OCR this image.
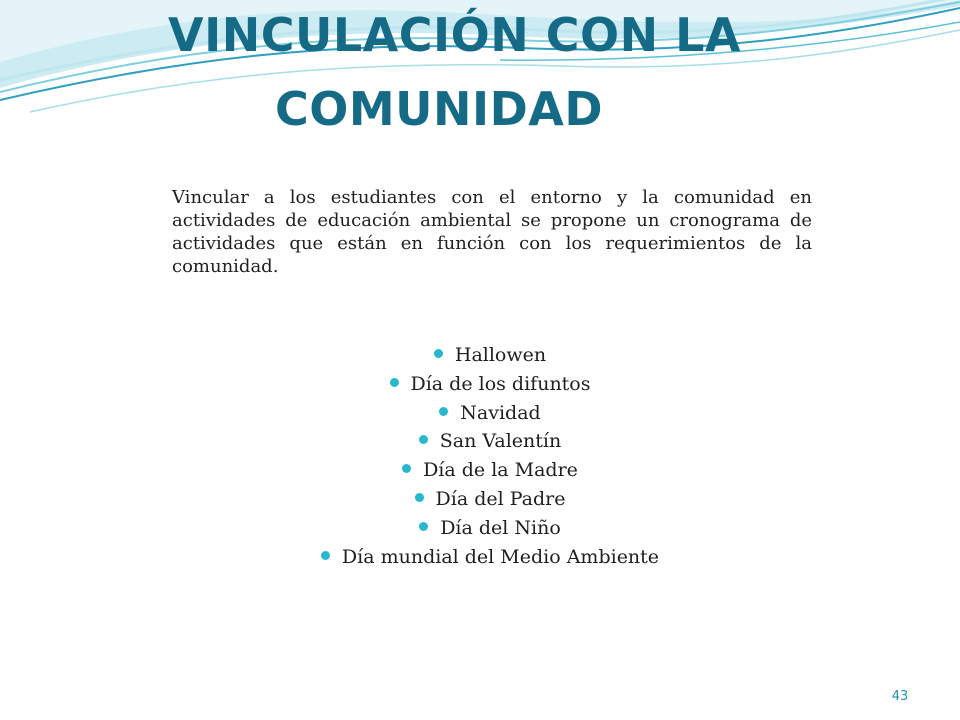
VINCULACIÓN CON LA
COMUNIDAD

Vincular a los estudiantes con el entorno y la comunidad en actividades de educación ambiental se propone un cronograma de actividades que están en función con los requerimientos de la comunidad.

Hallowen
Día de los difuntos
Navidad
San Valentín
Día de la Madre
Día del Padre
Día del Niño
Día mundial del Medio Ambiente
43
